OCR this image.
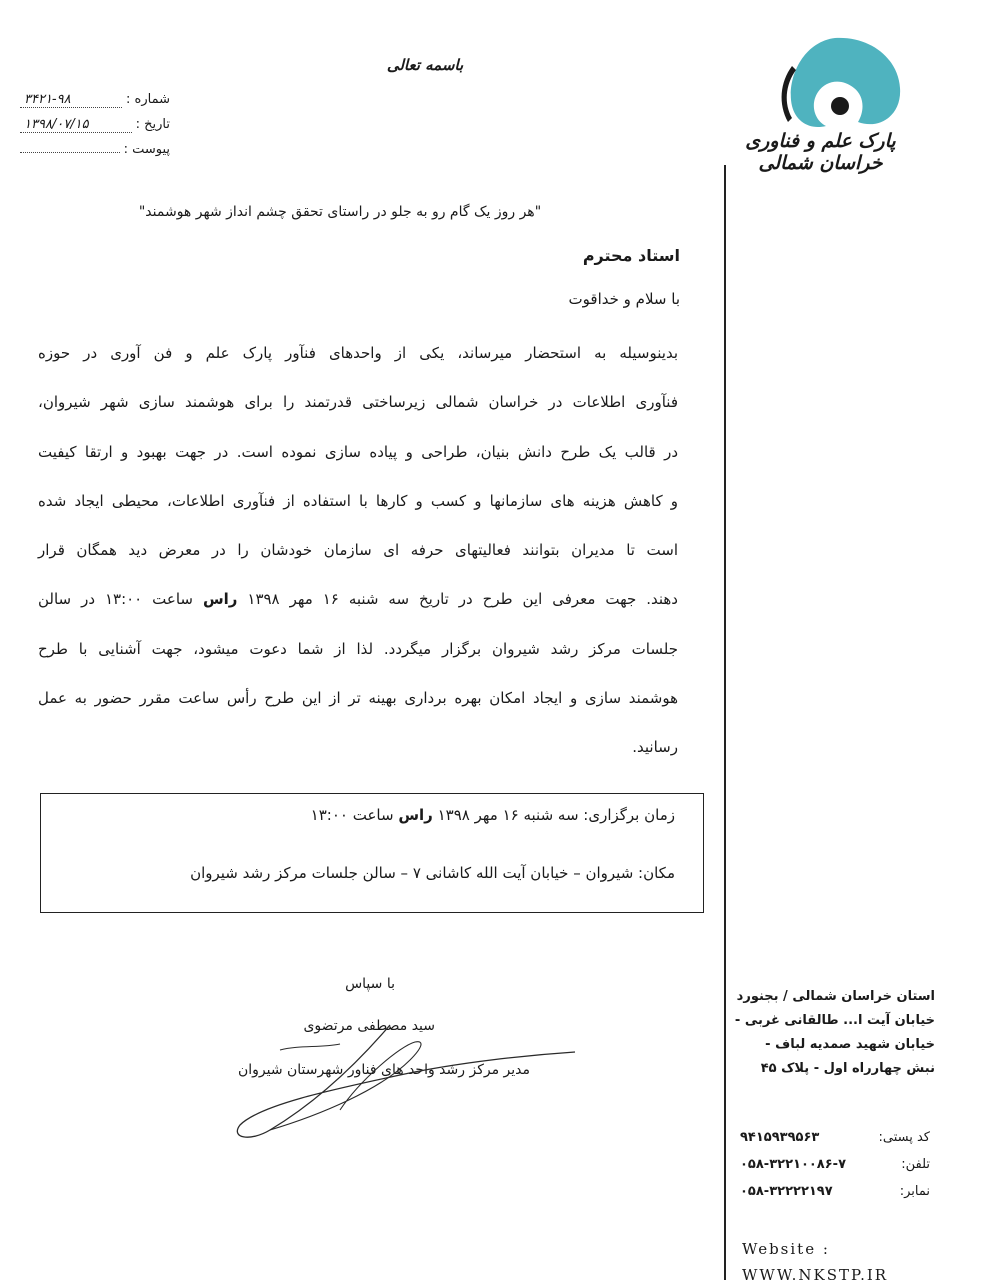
باسمه تعالی
شماره :
۳۴۲۱-۹۸
تاریخ :
۱۳۹۸/۰۷/۱۵
پیوست :	پارک علم و فناوری خراسان شمالی
"هر روز یک گام رو به جلو در راستای تحقق چشم انداز شهر هوشمند"
استاد محترم
با سلام و خداقوت
بدینوسیله به استحضار میرساند، یکی از واحدهای فنآور پارک علم و فن آوری در حوزه
فنآوری اطلاعات در خراسان شمالی زیرساختی قدرتمند را برای هوشمند سازی شهر شیروان،
در قالب یک طرح دانش بنیان، طراحی و پیاده سازی نموده است. در جهت بهبود و ارتقا کیفیت
و کاهش هزینه های سازمانها و کسب و کارها با استفاده از فنآوری اطلاعات، محیطی ایجاد شده
است تا مدیران بتوانند فعالیتهای حرفه ای سازمان خودشان را در معرض دید همگان قرار
دهند. جهت معرفی این طرح در تاریخ سه شنبه ۱۶ مهر ۱۳۹۸ راس ساعت ۱۳:۰۰ در سالن
جلسات مرکز رشد شیروان برگزار میگردد. لذا از شما دعوت میشود، جهت آشنایی با طرح
هوشمند سازی و ایجاد امکان بهره برداری بهینه تر از این طرح رأس ساعت مقرر حضور به عمل
رسانید.
زمان برگزاری: سه شنبه ۱۶ مهر ۱۳۹۸ راس ساعت ۱۳:۰۰
مکان: شیروان – خیابان آیت الله کاشانی ۷ – سالن جلسات مرکز رشد شیروان
با سپاس
سید مصطفی مرتضوی
مدیر مرکز رشد واحد های فناور شهرستان شیروان
استان خراسان شمالی / بجنورد
خیابان آیت ا... طالقانی غربی -
خیابان شهید صمدیه لباف -
نبش چهارراه اول - پلاک ۴۵
کد پستی:
۹۴۱۵۹۳۹۵۶۳
تلفن:
۰۵۸-۳۲۲۱۰۰۸۶-۷
نمابر:
۰۵۸-۳۲۲۲۲۱۹۷
Website :
WWW.NKSTP.IR
